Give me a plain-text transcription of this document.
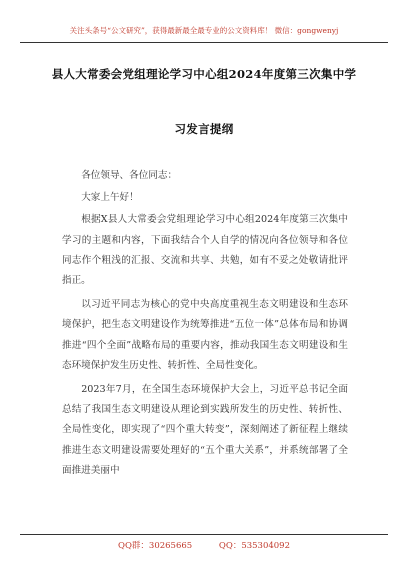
关注头条号“公文研究”，获得最新最全最专业的公文资料库！ 微信：gongwenyj
县人大常委会党组理论学习中心组2024年度第三次集中学
习发言提纲

各位领导、各位同志：

大家上午好！

根据X县人大常委会党组理论学习中心组2024年度第三次集中学习的主题和内容，下面我结合个人自学的情况向各位领导和各位同志作个粗浅的汇报、交流和共享、共勉，如有不妥之处敬请批评指正。

以习近平同志为核心的党中央高度重视生态文明建设和生态环境保护，把生态文明建设作为统筹推进“五位一体”总体布局和协调推进“四个全面”战略布局的重要内容，推动我国生态文明建设和生态环境保护发生历史性、转折性、全局性变化。

2023年7月，在全国生态环境保护大会上，习近平总书记全面总结了我国生态文明建设从理论到实践所发生的历史性、转折性、全局性变化，即实现了“四个重大转变”，深刻阐述了新征程上继续推进生态文明建设需要处理好的“五个重大关系”，并系统部署了全面推进美丽中

QQ群：30265665	QQ：535304092
